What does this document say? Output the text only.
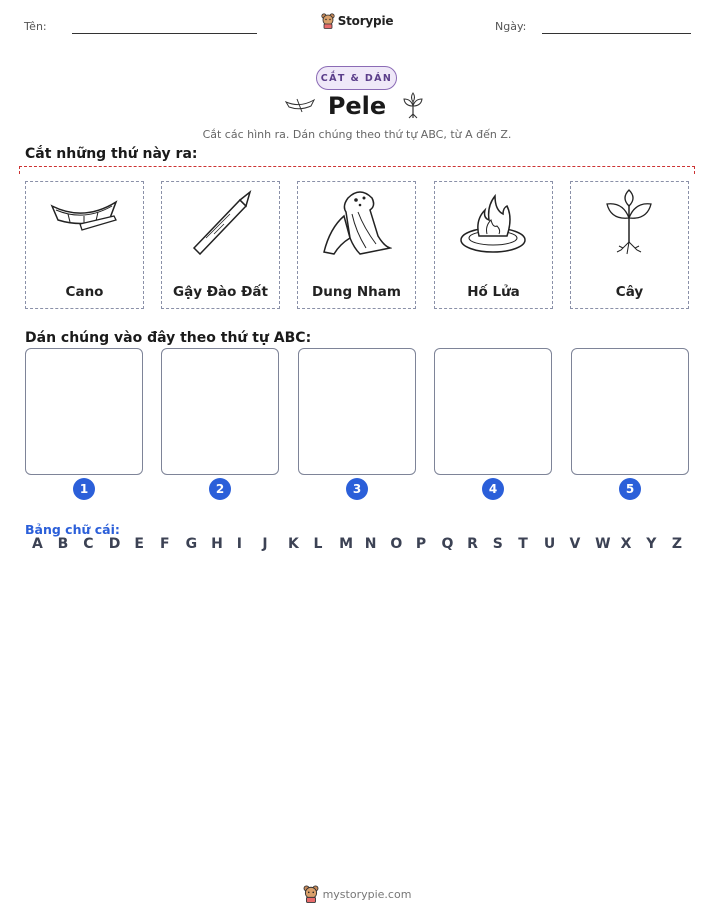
Tên:	Storypie	Ngày:
CẮT & DÁN
Pele
Cắt các hình ra. Dán chúng theo thứ tự ABC, từ A đến Z.
Cắt những thứ này ra:
Cano	Gậy Đào Đất	Dung Nham	Hố Lửa	Cây
Dán chúng vào đây theo thứ tự ABC:
1	2	3	4	5
Bảng chữ cái:
A	B	C	D E	F	G	H I	J	K	L	M N O P	Q R	S	T	U	V	W X	Y	Z
mystorypie.com
